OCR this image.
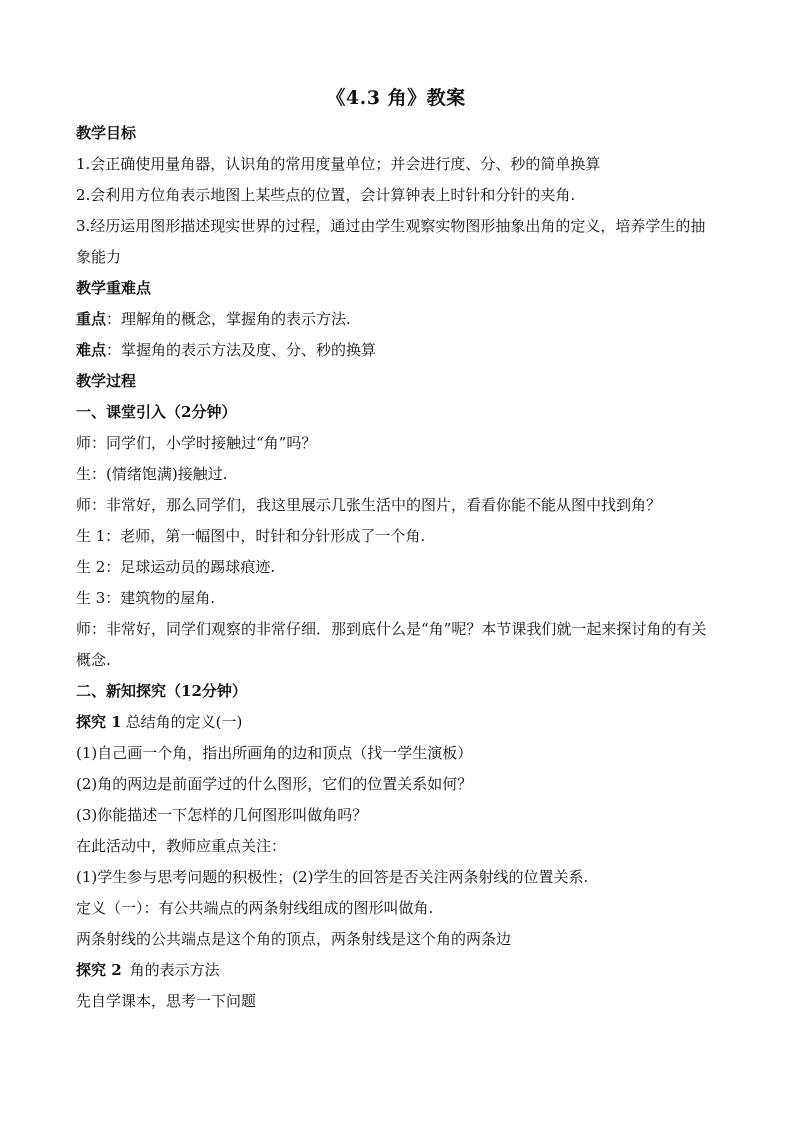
《4.3 角》教案

教学目标

1.会正确使用量角器，认识角的常用度量单位；并会进行度、分、秒的简单换算

2.会利用方位角表示地图上某些点的位置，会计算钟表上时针和分针的夹角.

3.经历运用图形描述现实世界的过程，通过由学生观察实物图形抽象出角的定义，培养学生的抽象能力

教学重难点

重点：理解角的概念，掌握角的表示方法.

难点：掌握角的表示方法及度、分、秒的换算

教学过程

一、课堂引入（2分钟）

师：同学们，小学时接触过“角”吗？

生：(情绪饱满)接触过.

师：非常好，那么同学们，我这里展示几张生活中的图片，看看你能不能从图中找到角？

生 1：老师，第一幅图中，时针和分针形成了一个角.

生 2：足球运动员的踢球痕迹.

生 3：建筑物的屋角.

师：非常好，同学们观察的非常仔细．那到底什么是“角”呢？本节课我们就一起来探讨角的有关概念.

二、新知探究（12分钟）

探究 1 总结角的定义(一)

(1)自己画一个角，指出所画角的边和顶点（找一学生演板）

(2)角的两边是前面学过的什么图形，它们的位置关系如何？

(3)你能描述一下怎样的几何图形叫做角吗？

在此活动中，教师应重点关注：

(1)学生参与思考问题的积极性；(2)学生的回答是否关注两条射线的位置关系.

定义（一）：有公共端点的两条射线组成的图形叫做角.

两条射线的公共端点是这个角的顶点，两条射线是这个角的两条边

探究 2 角的表示方法

先自学课本，思考一下问题
